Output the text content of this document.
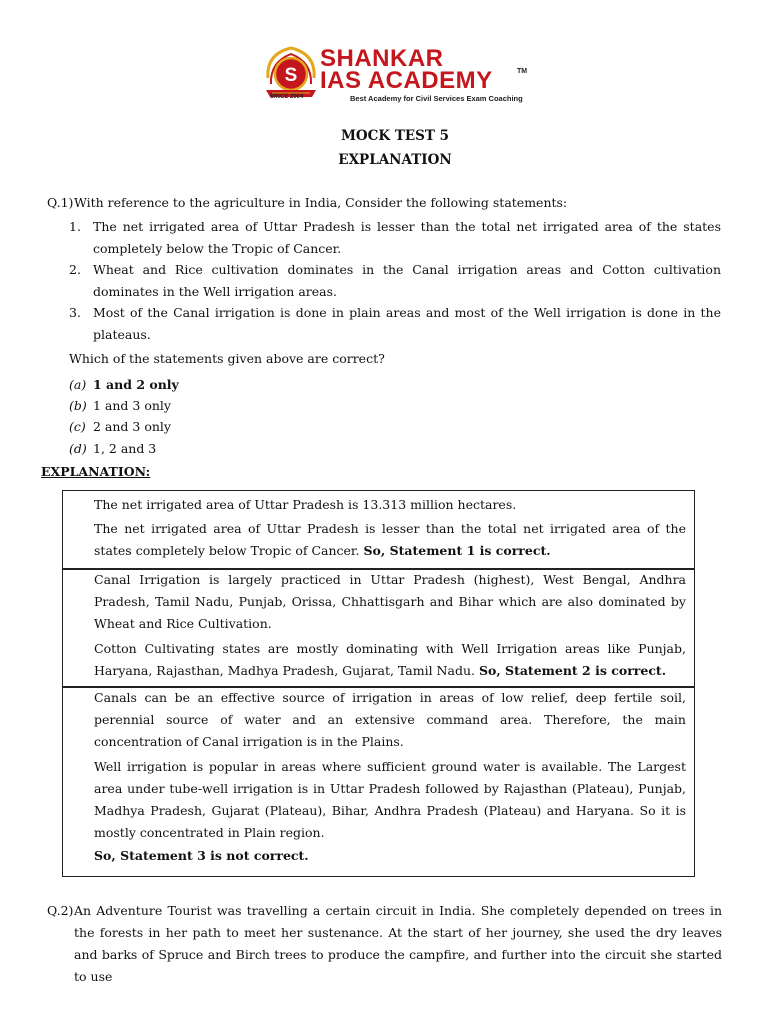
S
SHANKAR
IAS ACADEMY	TM
Best Academy for Civil Services Exam Coaching
SINCE 2004
MOCK TEST 5
EXPLANATION
Q.1) With reference to the agriculture in India, Consider the following statements:
1. The net irrigated area of Uttar Pradesh is lesser than the total net irrigated area of the states completely below the Tropic of Cancer.
2. Wheat and Rice cultivation dominates in the Canal irrigation areas and Cotton cultivation dominates in the Well irrigation areas.
3. Most of the Canal irrigation is done in plain areas and most of the Well irrigation is done in the plateaus.
Which of the statements given above are correct?
(a) 1 and 2 only
(b) 1 and 3 only
(c) 2 and 3 only
(d) 1, 2 and 3
EXPLANATION:
The net irrigated area of Uttar Pradesh is 13.313 million hectares.
The net irrigated area of Uttar Pradesh is lesser than the total net irrigated area of the states completely below Tropic of Cancer. So, Statement 1 is correct.
Canal Irrigation is largely practiced in Uttar Pradesh (highest), West Bengal, Andhra Pradesh, Tamil Nadu, Punjab, Orissa, Chhattisgarh and Bihar which are also dominated by Wheat and Rice Cultivation.
Cotton Cultivating states are mostly dominating with Well Irrigation areas like Punjab, Haryana, Rajasthan, Madhya Pradesh, Gujarat, Tamil Nadu. So, Statement 2 is correct.
Canals can be an effective source of irrigation in areas of low relief, deep fertile soil, perennial source of water and an extensive command area. Therefore, the main concentration of Canal irrigation is in the Plains.
Well irrigation is popular in areas where sufficient ground water is available. The Largest area under tube-well irrigation is in Uttar Pradesh followed by Rajasthan (Plateau), Punjab, Madhya Pradesh, Gujarat (Plateau), Bihar, Andhra Pradesh (Plateau) and Haryana. So it is mostly concentrated in Plain region.
So, Statement 3 is not correct.
Q.2) An Adventure Tourist was travelling a certain circuit in India. She completely depended on trees in the forests in her path to meet her sustenance. At the start of her journey, she used the dry leaves and barks of Spruce and Birch trees to produce the campfire, and further into the circuit she started to use
